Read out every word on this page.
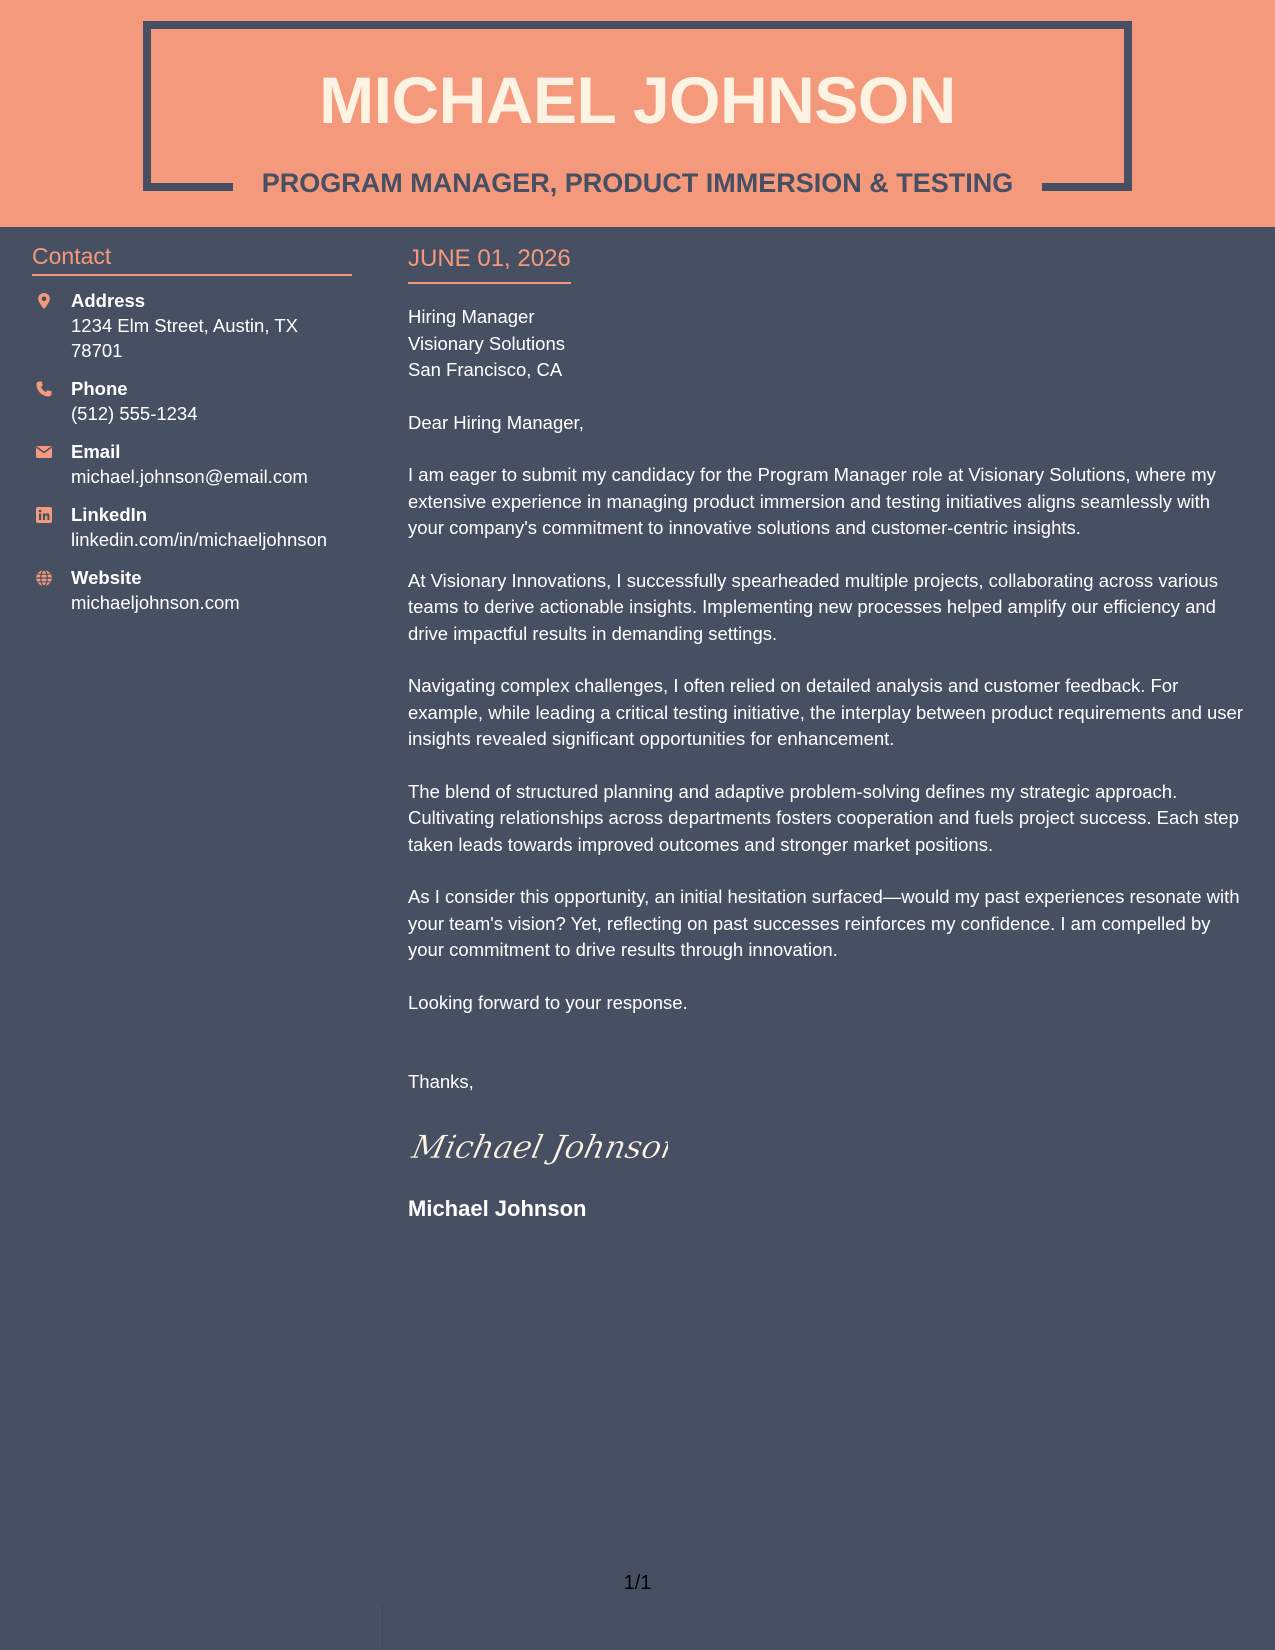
MICHAEL JOHNSON
PROGRAM MANAGER, PRODUCT IMMERSION & TESTING
Contact
Address
1234 Elm Street, Austin, TX 78701
Phone
(512) 555-1234
Email
michael.johnson@email.com
LinkedIn
linkedin.com/in/michaeljohnson
Website
michaeljohnson.com
JUNE 01, 2026
Hiring Manager
Visionary Solutions
San Francisco, CA

Dear Hiring Manager,

I am eager to submit my candidacy for the Program Manager role at Visionary Solutions, where my extensive experience in managing product immersion and testing initiatives aligns seamlessly with your company's commitment to innovative solutions and customer-centric insights.

At Visionary Innovations, I successfully spearheaded multiple projects, collaborating across various teams to derive actionable insights. Implementing new processes helped amplify our efficiency and drive impactful results in demanding settings.

Navigating complex challenges, I often relied on detailed analysis and customer feedback. For example, while leading a critical testing initiative, the interplay between product requirements and user insights revealed significant opportunities for enhancement.

The blend of structured planning and adaptive problem-solving defines my strategic approach. Cultivating relationships across departments fosters cooperation and fuels project success. Each step taken leads towards improved outcomes and stronger market positions.

As I consider this opportunity, an initial hesitation surfaced—would my past experiences resonate with your team's vision? Yet, reflecting on past successes reinforces my confidence. I am compelled by your commitment to drive results through innovation.

Looking forward to your response.

Thanks,
Michael Johnson
Michael Johnson
1/1
